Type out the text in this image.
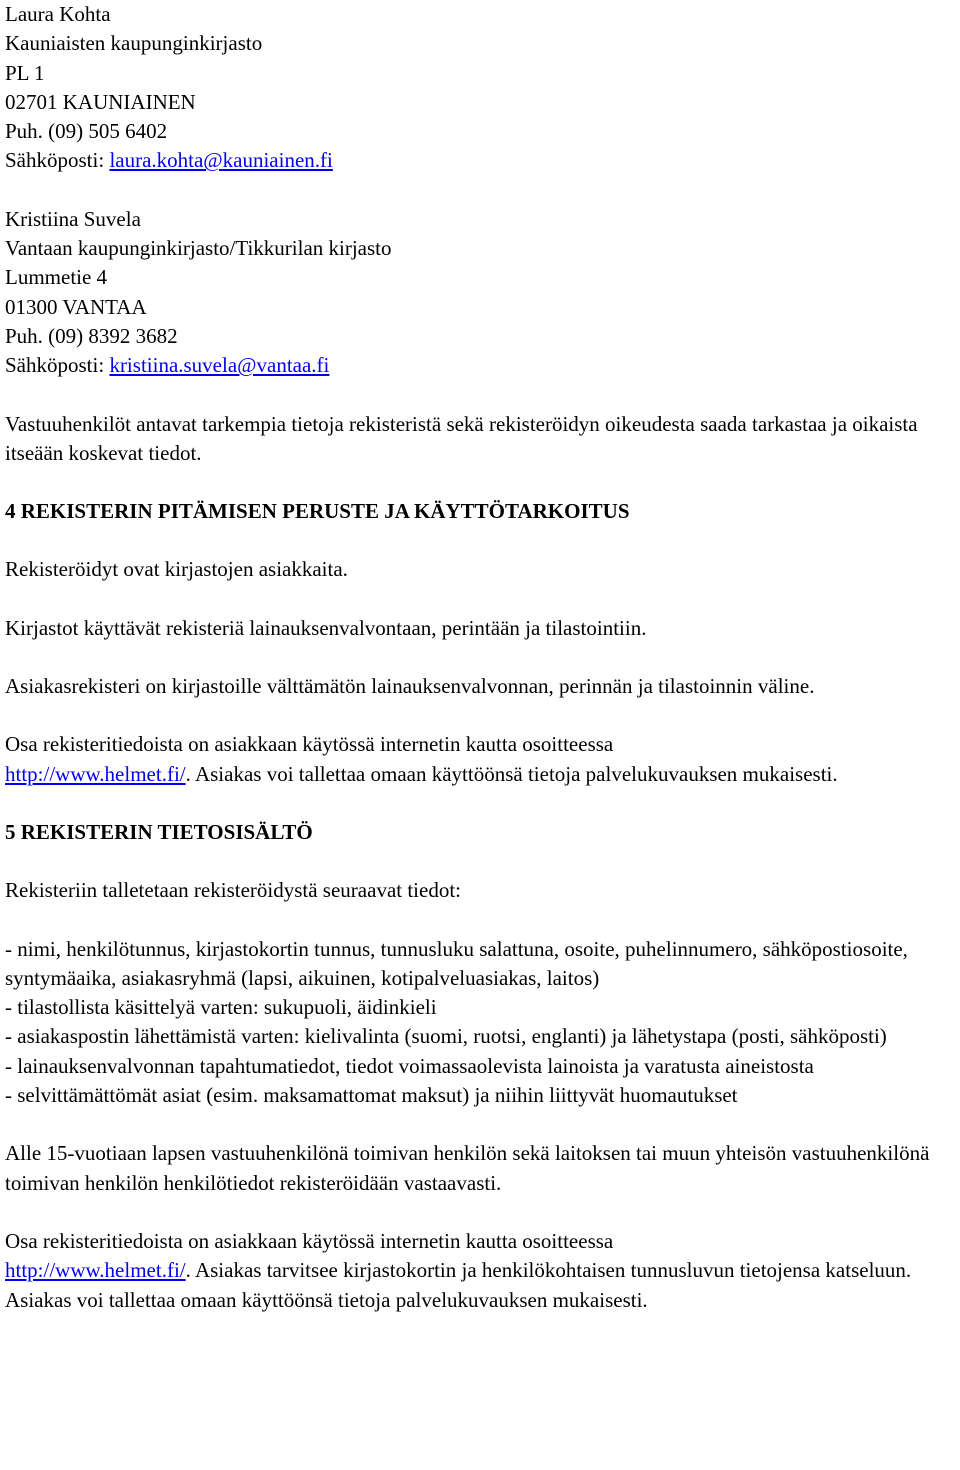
Laura Kohta
Kauniaisten kaupunginkirjasto
PL 1
02701 KAUNIAINEN
Puh. (09) 505 6402
Sähköposti: laura.kohta@kauniainen.fi
Kristiina Suvela
Vantaan kaupunginkirjasto/Tikkurilan kirjasto
Lummetie 4
01300 VANTAA
Puh. (09) 8392 3682
Sähköposti: kristiina.suvela@vantaa.fi

Vastuuhenkilöt antavat tarkempia tietoja rekisteristä sekä rekisteröidyn oikeudesta saada tarkastaa ja oikaista itseään koskevat tiedot.

4 REKISTERIN PITÄMISEN PERUSTE JA KÄYTTÖTARKOITUS

Rekisteröidyt ovat kirjastojen asiakkaita.

Kirjastot käyttävät rekisteriä lainauksenvalvontaan, perintään ja tilastointiin.

Asiakasrekisteri on kirjastoille välttämätön lainauksenvalvonnan, perinnän ja tilastoinnin väline.

Osa rekisteritiedoista on asiakkaan käytössä internetin kautta osoitteessa
http://www.helmet.fi/. Asiakas voi tallettaa omaan käyttöönsä tietoja palvelukuvauksen mukaisesti.

5 REKISTERIN TIETOSISÄLTÖ

Rekisteriin talletetaan rekisteröidystä seuraavat tiedot:

- nimi, henkilötunnus, kirjastokortin tunnus, tunnusluku salattuna, osoite, puhelinnumero, sähköpostiosoite, syntymäaika, asiakasryhmä (lapsi, aikuinen, kotipalveluasiakas, laitos)

- tilastollista käsittelyä varten: sukupuoli, äidinkieli

- asiakaspostin lähettämistä varten: kielivalinta (suomi, ruotsi, englanti) ja lähetystapa (posti, sähköposti)

- lainauksenvalvonnan tapahtumatiedot, tiedot voimassaolevista lainoista ja varatusta aineistosta

- selvittämättömät asiat (esim. maksamattomat maksut) ja niihin liittyvät huomautukset

Alle 15-vuotiaan lapsen vastuuhenkilönä toimivan henkilön sekä laitoksen tai muun yhteisön vastuuhenkilönä toimivan henkilön henkilötiedot rekisteröidään vastaavasti.

Osa rekisteritiedoista on asiakkaan käytössä internetin kautta osoitteessa
http://www.helmet.fi/. Asiakas tarvitsee kirjastokortin ja henkilökohtaisen tunnusluvun tietojensa katseluun. Asiakas voi tallettaa omaan käyttöönsä tietoja palvelukuvauksen mukaisesti.
